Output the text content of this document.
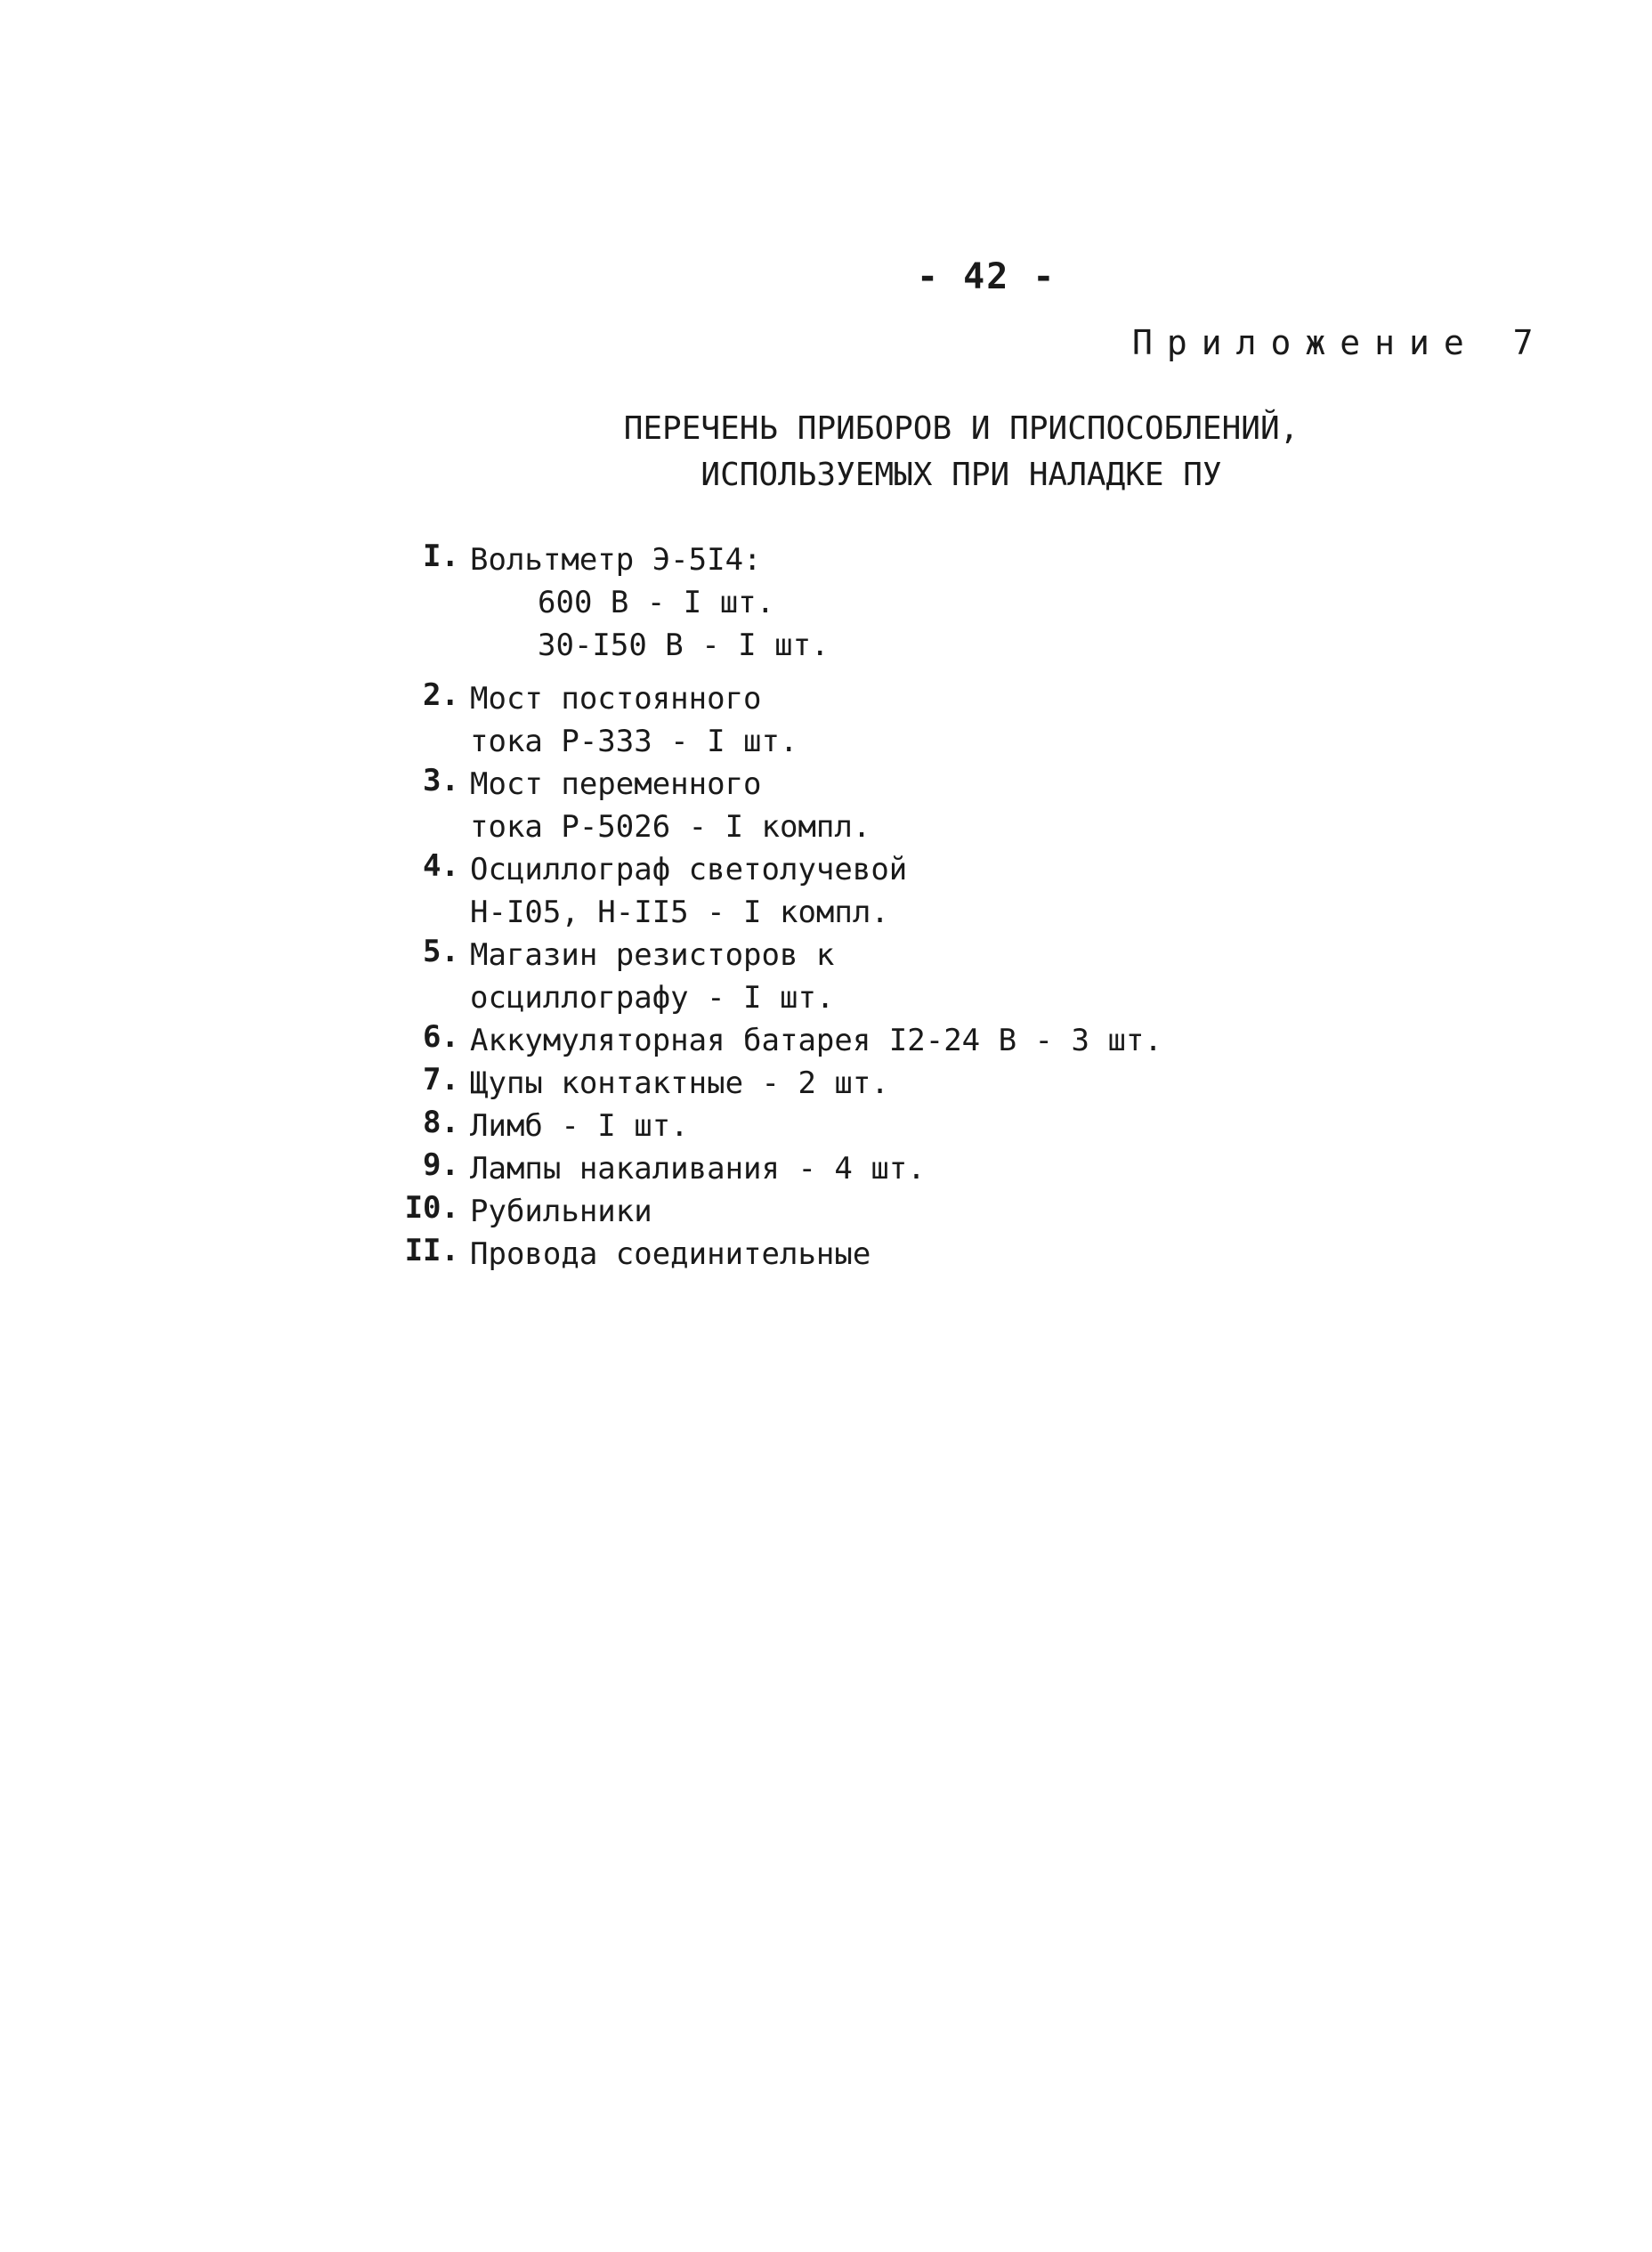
- 42 -
Приложение 7
ПЕРЕЧЕНЬ ПРИБОРОВ И ПРИСПОСОБЛЕНИЙ,
ИСПОЛЬЗУЕМЫХ ПРИ НАЛАДКЕ ПУ
I. Вольтметр Э-5I4:
600 В - I шт.
30-I50 В - I шт.
2. Мост постоянного
тока Р-333 - I шт.
3. Мост переменного
тока Р-5026 - I компл.
4. Осциллограф светолучевой
Н-I05, Н-II5 - I компл.
5. Магазин резисторов к
осциллографу - I шт.
6. Аккумуляторная батарея I2-24 В - 3 шт.
7. Щупы контактные - 2 шт.
8. Лимб - I шт.
9. Лампы накаливания - 4 шт.
I0. Рубильники
II. Провода соединительные
